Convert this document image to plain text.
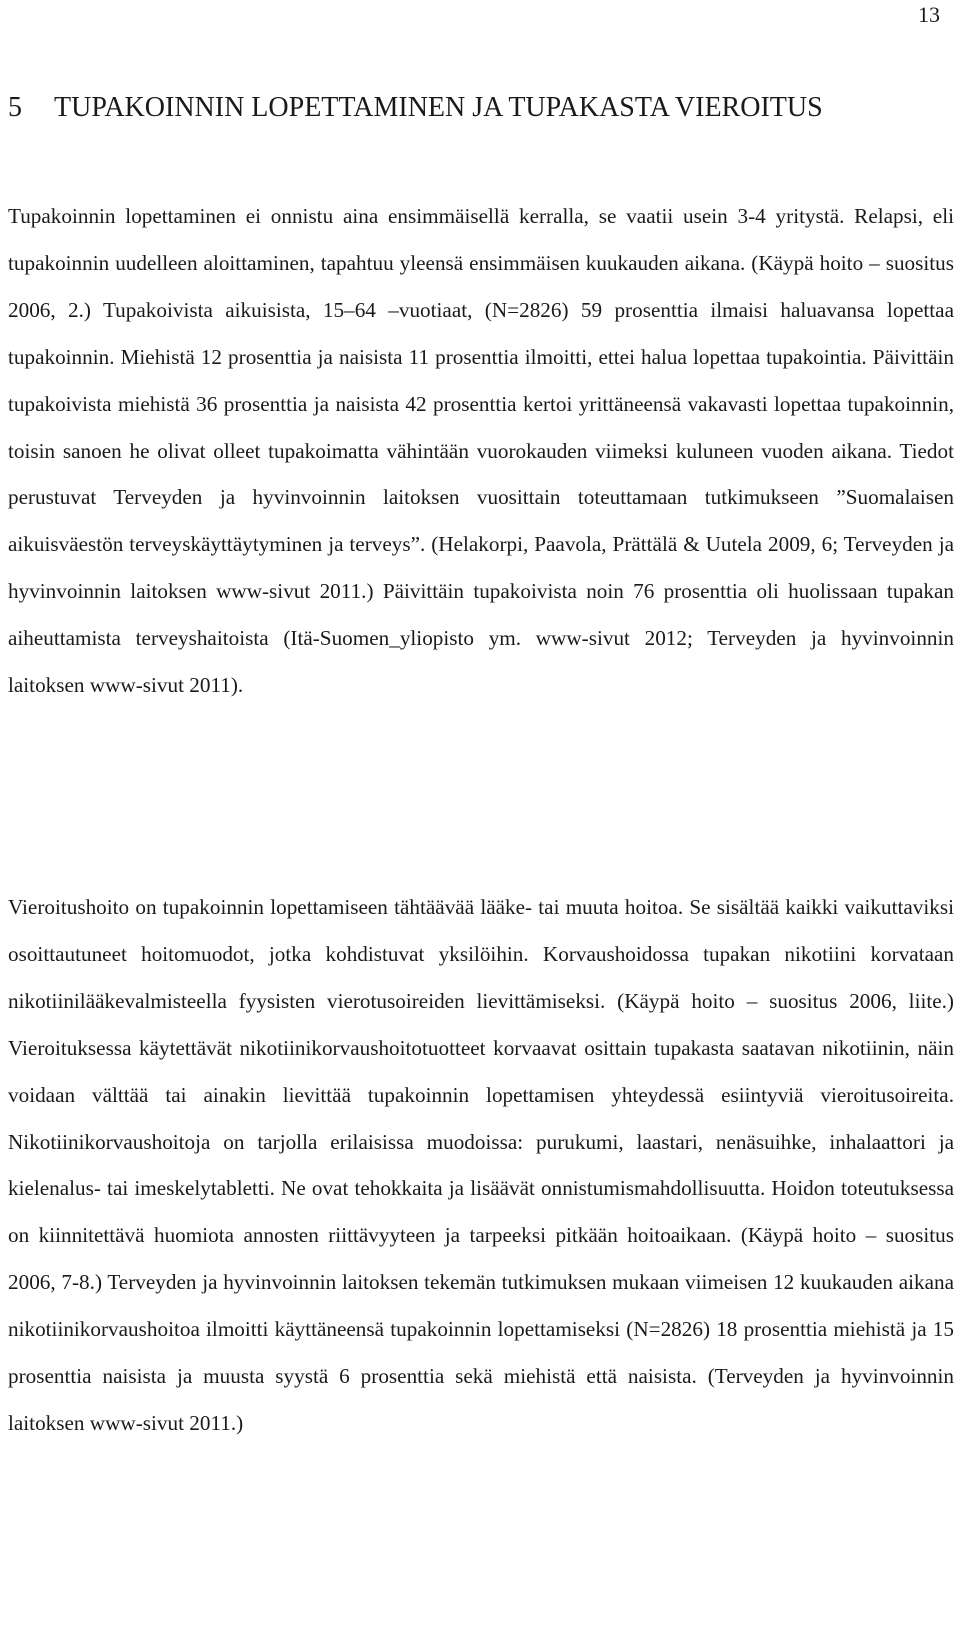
13
5 TUPAKOINNIN LOPETTAMINEN JA TUPAKASTA VIEROITUS

Tupakoinnin lopettaminen ei onnistu aina ensimmäisellä kerralla, se vaatii usein 3-4 yritystä. Relapsi, eli tupakoinnin uudelleen aloittaminen, tapahtuu yleensä ensimmäisen kuukauden aikana. (Käypä hoito – suositus 2006, 2.) Tupakoivista aikuisista, 15–64 –vuotiaat, (N=2826) 59 prosenttia ilmaisi haluavansa lopettaa tupakoinnin. Miehistä 12 prosenttia ja naisista 11 prosenttia ilmoitti, ettei halua lopettaa tupakointia. Päivittäin tupakoivista miehistä 36 prosenttia ja naisista 42 prosenttia kertoi yrittäneensä vakavasti lopettaa tupakoinnin, toisin sanoen he olivat olleet tupakoimatta vähintään vuorokauden viimeksi kuluneen vuoden aikana. Tiedot perustuvat Terveyden ja hyvinvoinnin laitoksen vuosittain toteuttamaan tutkimukseen ”Suomalaisen aikuisväestön terveyskäyttäytyminen ja terveys”. (Helakorpi, Paavola, Prättälä & Uutela 2009, 6; Terveyden ja hyvinvoinnin laitoksen www-sivut 2011.) Päivittäin tupakoivista noin 76 prosenttia oli huolissaan tupakan aiheuttamista terveyshaitoista (Itä-Suomen_yliopisto ym. www-sivut 2012; Terveyden ja hyvinvoinnin laitoksen www-sivut 2011).

Vieroitushoito on tupakoinnin lopettamiseen tähtäävää lääke- tai muuta hoitoa. Se sisältää kaikki vaikuttaviksi osoittautuneet hoitomuodot, jotka kohdistuvat yksilöihin. Korvaushoidossa tupakan nikotiini korvataan nikotiinilääkevalmisteella fyysisten vierotusoireiden lievittämiseksi. (Käypä hoito – suositus 2006, liite.) Vieroituksessa käytettävät nikotiinikorvaushoitotuotteet korvaavat osittain tupakasta saatavan nikotiinin, näin voidaan välttää tai ainakin lievittää tupakoinnin lopettamisen yhteydessä esiintyviä vieroitusoireita. Nikotiinikorvaushoitoja on tarjolla erilaisissa muodoissa: purukumi, laastari, nenäsuihke, inhalaattori ja kielenalus- tai imeskelytabletti. Ne ovat tehokkaita ja lisäävät onnistumismahdollisuutta. Hoidon toteutuksessa on kiinnitettävä huomiota annosten riittävyyteen ja tarpeeksi pitkään hoitoaikaan. (Käypä hoito – suositus 2006, 7-8.) Terveyden ja hyvinvoinnin laitoksen tekemän tutkimuksen mukaan viimeisen 12 kuukauden aikana nikotiinikorvaushoitoa ilmoitti käyttäneensä tupakoinnin lopettamiseksi (N=2826) 18 prosenttia miehistä ja 15 prosenttia naisista ja muusta syystä 6 prosenttia sekä miehistä että naisista. (Terveyden ja hyvinvoinnin laitoksen www-sivut 2011.)
